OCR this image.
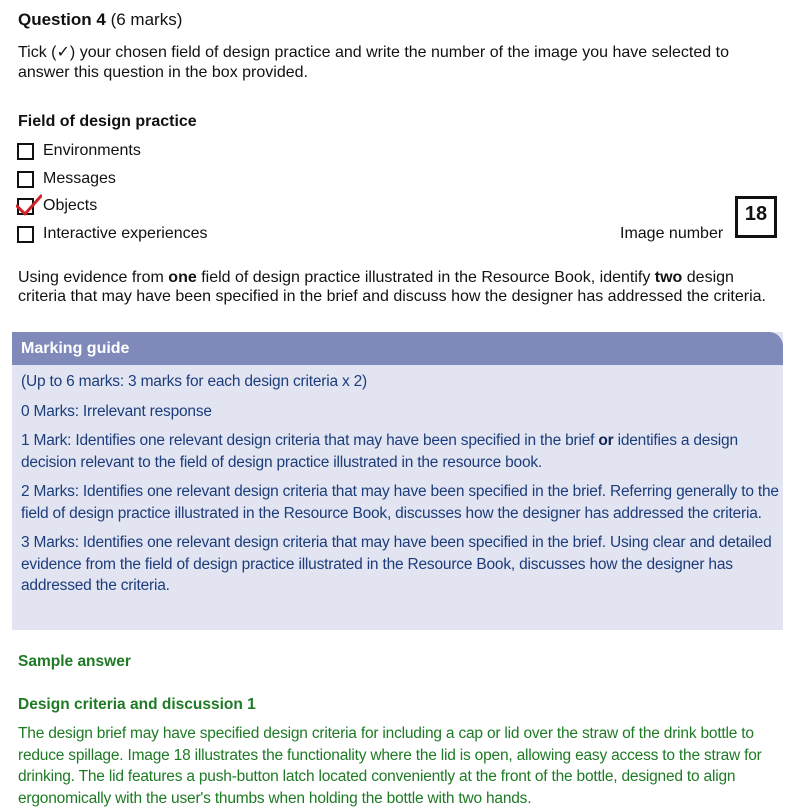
Question 4 (6 marks)
Tick (✓) your chosen field of design practice and write the number of the image you have selected to answer this question in the box provided.
Field of design practice
Environments
Messages
Objects
Interactive experiences	Image number
18
Using evidence from one field of design practice illustrated in the Resource Book, identify two design criteria that may have been specified in the brief and discuss how the designer has addressed the criteria.
Marking guide

(Up to 6 marks: 3 marks for each design criteria x 2)

0 Marks: Irrelevant response

1 Mark: Identifies one relevant design criteria that may have been specified in the brief or identifies a design decision relevant to the field of design practice illustrated in the resource book.

2 Marks: Identifies one relevant design criteria that may have been specified in the brief. Referring generally to the field of design practice illustrated in the Resource Book, discusses how the designer has addressed the criteria.

3 Marks: Identifies one relevant design criteria that may have been specified in the brief. Using clear and detailed evidence from the field of design practice illustrated in the Resource Book, discusses how the designer has addressed the criteria.

Sample answer
Design criteria and discussion 1
The design brief may have specified design criteria for including a cap or lid over the straw of the drink bottle to reduce spillage. Image 18 illustrates the functionality where the lid is open, allowing easy access to the straw for drinking. The lid features a push-button latch located conveniently at the front of the bottle, designed to align ergonomically with the user's thumbs when holding the bottle with two hands.
